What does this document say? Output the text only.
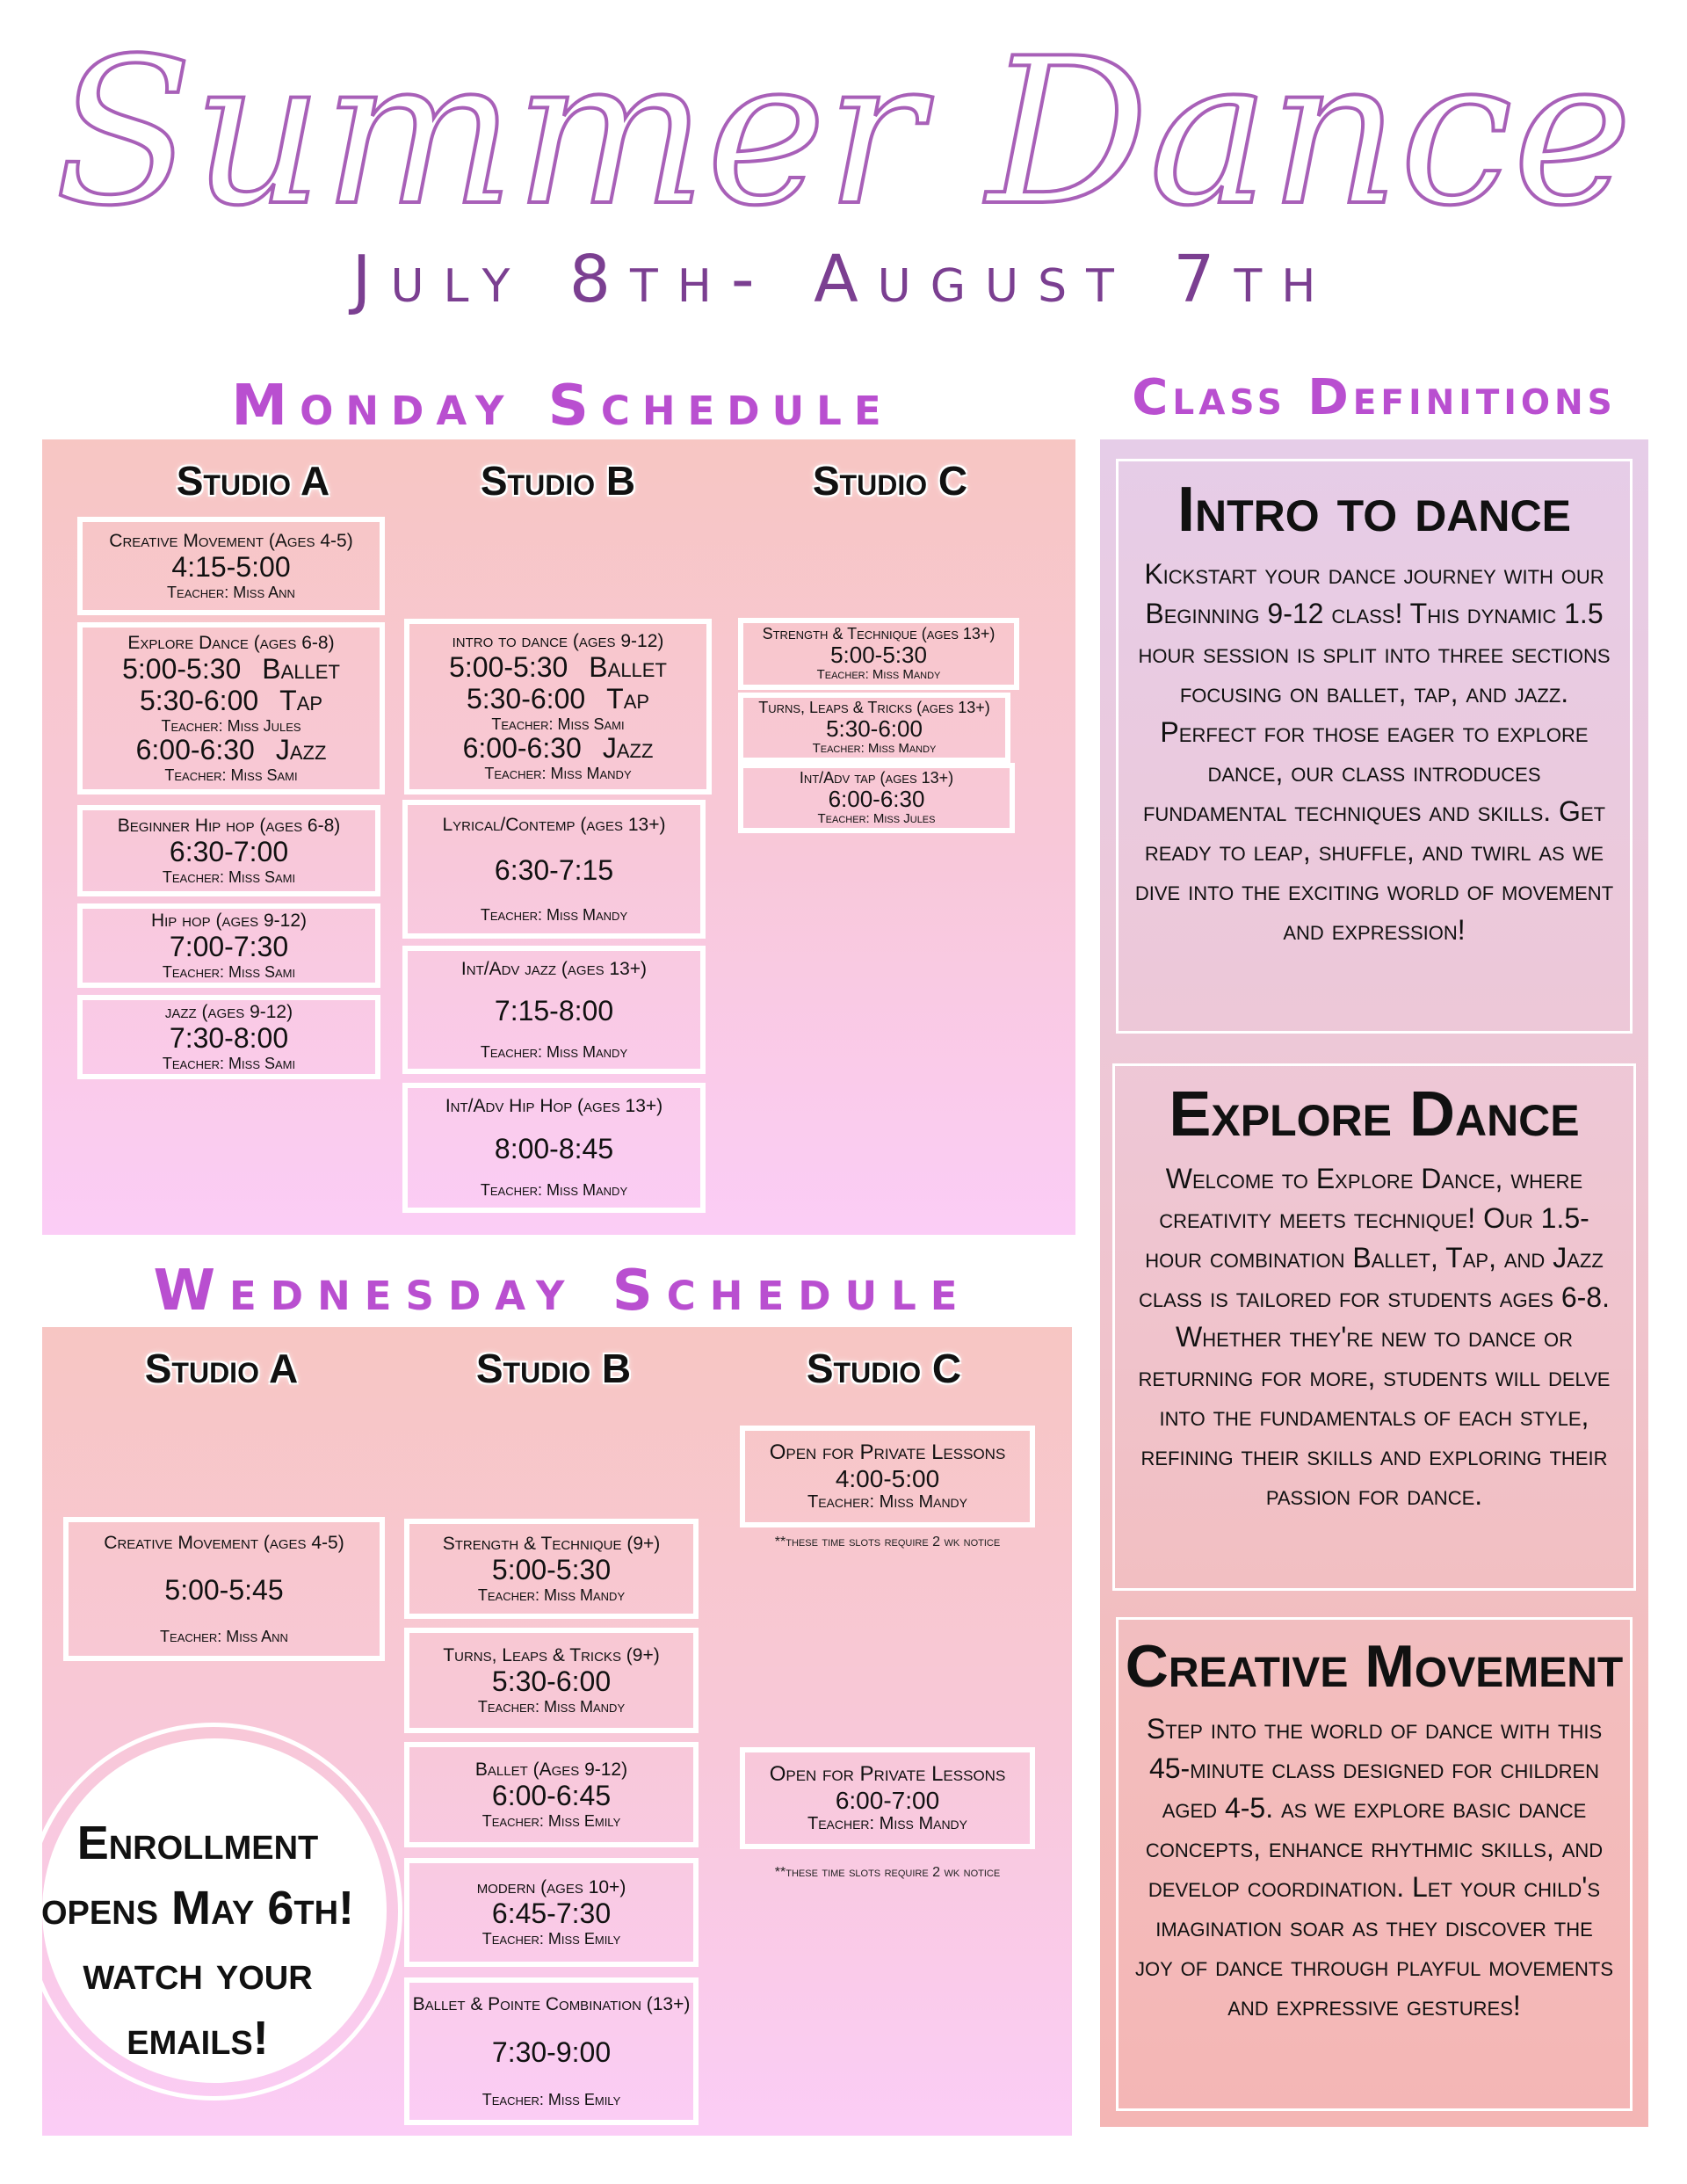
Summer Dance
July 8th- August 7th
Monday Schedule
Studio A	Studio B	Studio C
Creative Movement (Ages 4-5)
4:15-5:00
Teacher: Miss Ann
Explore Dance (ages 6-8)
5:00-5:30 Ballet
5:30-6:00 Tap
Teacher: Miss Jules
6:00-6:30 Jazz
Teacher: Miss Sami
Beginner Hip hop (ages 6-8)
6:30-7:00
Teacher: Miss Sami
Hip hop (ages 9-12)
7:00-7:30
Teacher: Miss Sami
jazz (ages 9-12)
7:30-8:00
Teacher: Miss Sami
intro to dance (ages 9-12)
5:00-5:30 Ballet
5:30-6:00 Tap
Teacher: Miss Sami
6:00-6:30 Jazz
Teacher: Miss Mandy
Lyrical/Contemp (ages 13+)
6:30-7:15
Teacher: Miss Mandy
Int/Adv jazz (ages 13+)
7:15-8:00
Teacher: Miss Mandy
Int/Adv Hip Hop (ages 13+)
8:00-8:45
Teacher: Miss Mandy
Strength & Technique (ages 13+)
5:00-5:30
Teacher: Miss Mandy
Turns, Leaps & Tricks (ages 13+)
5:30-6:00
Teacher: Miss Mandy
Int/Adv tap (ages 13+)
6:00-6:30
Teacher: Miss Jules
Wednesday Schedule
Studio A	Studio B	Studio C
Creative Movement (ages 4-5)
5:00-5:45
Teacher: Miss Ann
Strength & Technique (9+)
5:00-5:30
Teacher: Miss Mandy
Turns, Leaps & Tricks (9+)
5:30-6:00
Teacher: Miss Mandy
Ballet (Ages 9-12)
6:00-6:45
Teacher: Miss Emily
modern (ages 10+)
6:45-7:30
Teacher: Miss Emily
Ballet & Pointe Combination (13+)
7:30-9:00
Teacher: Miss Emily
Open for Private Lessons
4:00-5:00
Teacher: Miss Mandy
**these time slots require 2 wk notice
Open for Private Lessons
6:00-7:00
Teacher: Miss Mandy
**these time slots require 2 wk notice
Enrollment
opens May 6th!
watch your
emails!
Class Definitions
Intro to dance
Kickstart your dance journey with our Beginning 9-12 class! This dynamic 1.5 hour session is split into three sections focusing on ballet, tap, and jazz. Perfect for those eager to explore dance, our class introduces fundamental techniques and skills. Get ready to leap, shuffle, and twirl as we dive into the exciting world of movement and expression!
Explore Dance
Welcome to Explore Dance, where creativity meets technique! Our 1.5-hour combination Ballet, Tap, and Jazz class is tailored for students ages 6-8. Whether they're new to dance or returning for more, students will delve into the fundamentals of each style, refining their skills and exploring their passion for dance.
Creative Movement
Step into the world of dance with this 45-minute class designed for children aged 4-5. as we explore basic dance concepts, enhance rhythmic skills, and develop coordination. Let your child's imagination soar as they discover the joy of dance through playful movements and expressive gestures!
